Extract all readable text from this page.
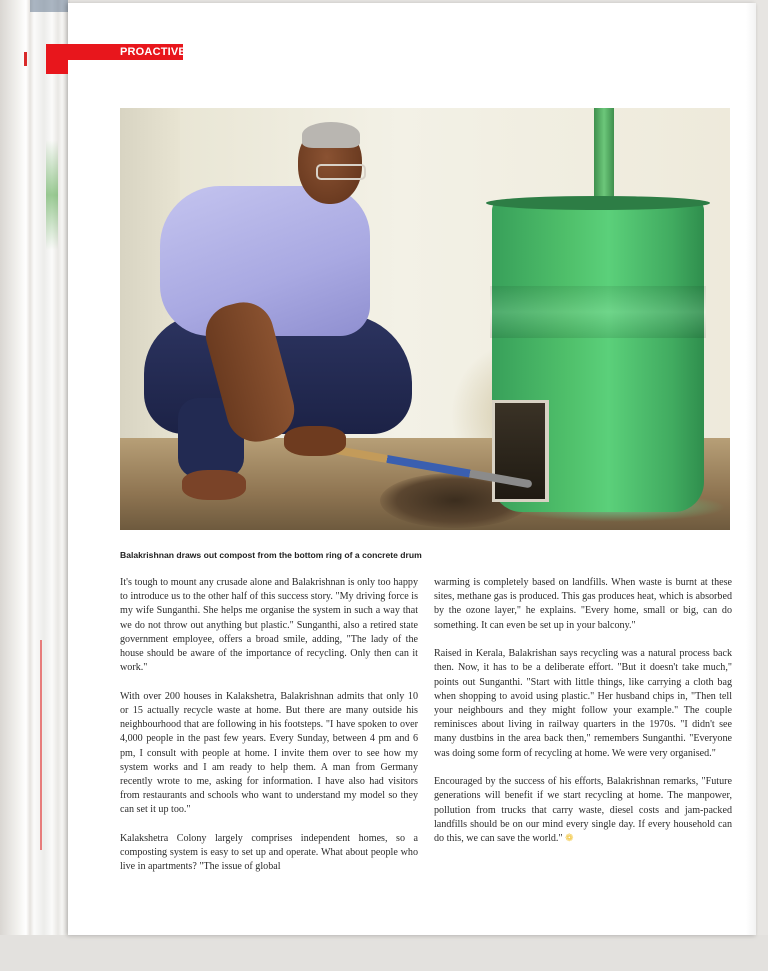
PROACTIVE
Balakrishnan draws out compost from the bottom ring of a concrete drum

It's tough to mount any crusade alone and Balakrishnan is only too happy to introduce us to the other half of this success story. "My driving force is my wife Sunganthi. She helps me organise the system in such a way that we do not throw out anything but plastic." Sunganthi, also a retired state government employee, offers a broad smile, adding, "The lady of the house should be aware of the importance of recycling. Only then can it work."

With over 200 houses in Kalakshetra, Balakrishnan admits that only 10 or 15 actually recycle waste at home. But there are many outside his neighbourhood that are following in his footsteps. "I have spoken to over 4,000 people in the past few years. Every Sunday, between 4 pm and 6 pm, I consult with people at home. I invite them over to see how my system works and I am ready to help them. A man from Germany recently wrote to me, asking for information. I have also had visitors from restaurants and schools who want to understand my model so they can set it up too."

Kalakshetra Colony largely comprises independent homes, so a composting system is easy to set up and operate. What about people who live in apartments? "The issue of global

warming is completely based on landfills. When waste is burnt at these sites, methane gas is produced. This gas produces heat, which is absorbed by the ozone layer," he explains. "Every home, small or big, can do something. It can even be set up in your balcony."

Raised in Kerala, Balakrishan says recycling was a natural process back then. Now, it has to be a deliberate effort. "But it doesn't take much," points out Sunganthi. "Start with little things, like carrying a cloth bag when shopping to avoid using plastic." Her husband chips in, "Then tell your neighbours and they might follow your example." The couple reminisces about living in railway quarters in the 1970s. "I didn't see many dustbins in the area back then," remembers Sunganthi. "Everyone was doing some form of recycling at home. We were very organised."

Encouraged by the success of his efforts, Balakrishnan remarks, "Future generations will benefit if we start recycling at home. The manpower, pollution from trucks that carry waste, diesel costs and jam-packed landfills should be on our mind every single day. If every household can do this, we can save the world." ❁
